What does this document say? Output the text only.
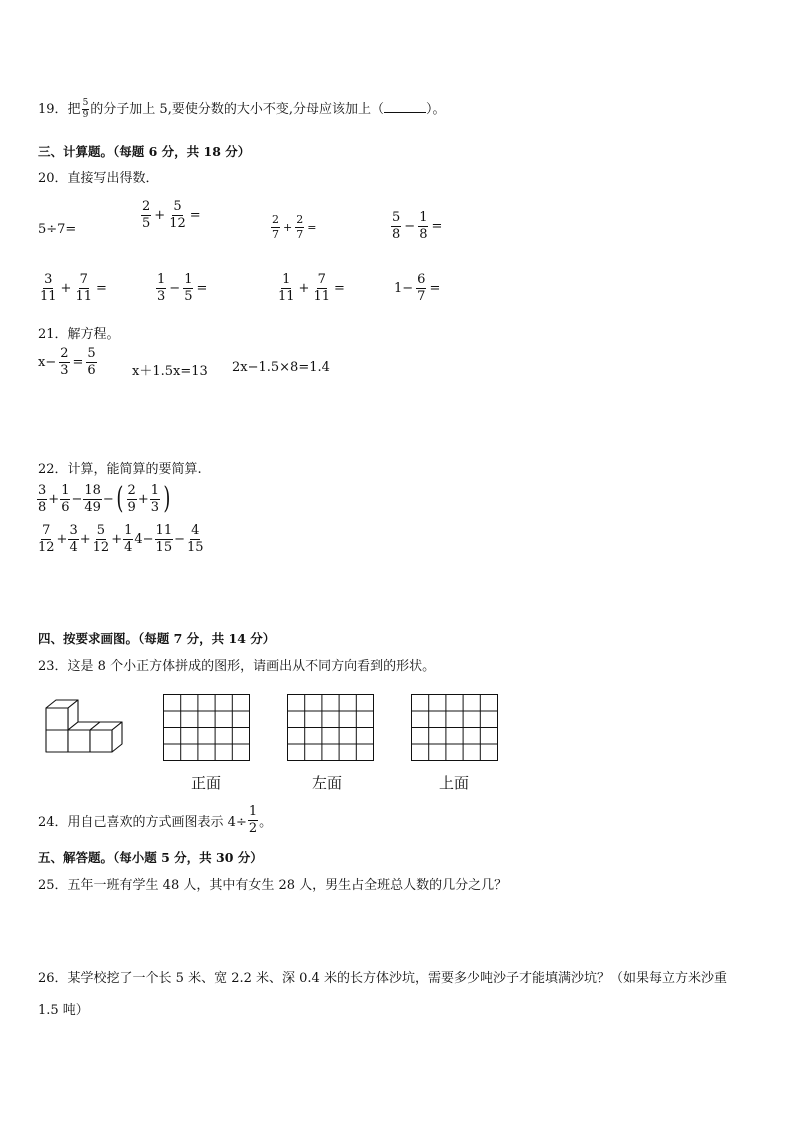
19．把 $\frac{5}{9}$ 的分子加上 5,要使分数的大小不变,分母应该加上（	）。
三、计算题。（每题 6 分，共 18 分）
20．直接写出得数．
5÷7=
2
5
+ $\frac{5}{12}$ =	2
7
+ $\frac{2}{7}$ =
5
8
− $\frac{1}{8}$ =
3
11
+ $\frac{7}{11}$ =
1
3
− $\frac{1}{5}$ =
1
11
+ $\frac{7}{11}$ =	$1- \frac{6}{7}$ =
21．解方程。
$x- \frac{2}{3} = \frac{5}{6}$	x＋1.5x=13 2x−1.5×8=1.4
22．计算，能简算的要简算.
3
8
+ $\frac{1}{6} - \frac{18}{49}$ − ( 2
9
+ $\frac{1}{3}$ )
7
12
+ $\frac{3}{4} + \frac{5}{12} + \frac{1}{4} 4- \frac{11}{15} - \frac{4}{15}$
四、按要求画图。（每题 7 分，共 14 分）
23．这是 8 个小正方体拼成的图形，请画出从不同方向看到的形状。
正面	左面	上面
24．用自己喜欢的方式画图表示 $4\div \frac{1}{2}$ 。
五、解答题。（每小题 5 分，共 30 分）
25．五年一班有学生 48 人，其中有女生 28 人，男生占全班总人数的几分之几？
26．某学校挖了一个长 5 米、宽 2.2 米、深 0.4 米的长方体沙坑，需要多少吨沙子才能填满沙坑？（如果每立方米沙重
1.5 吨）
